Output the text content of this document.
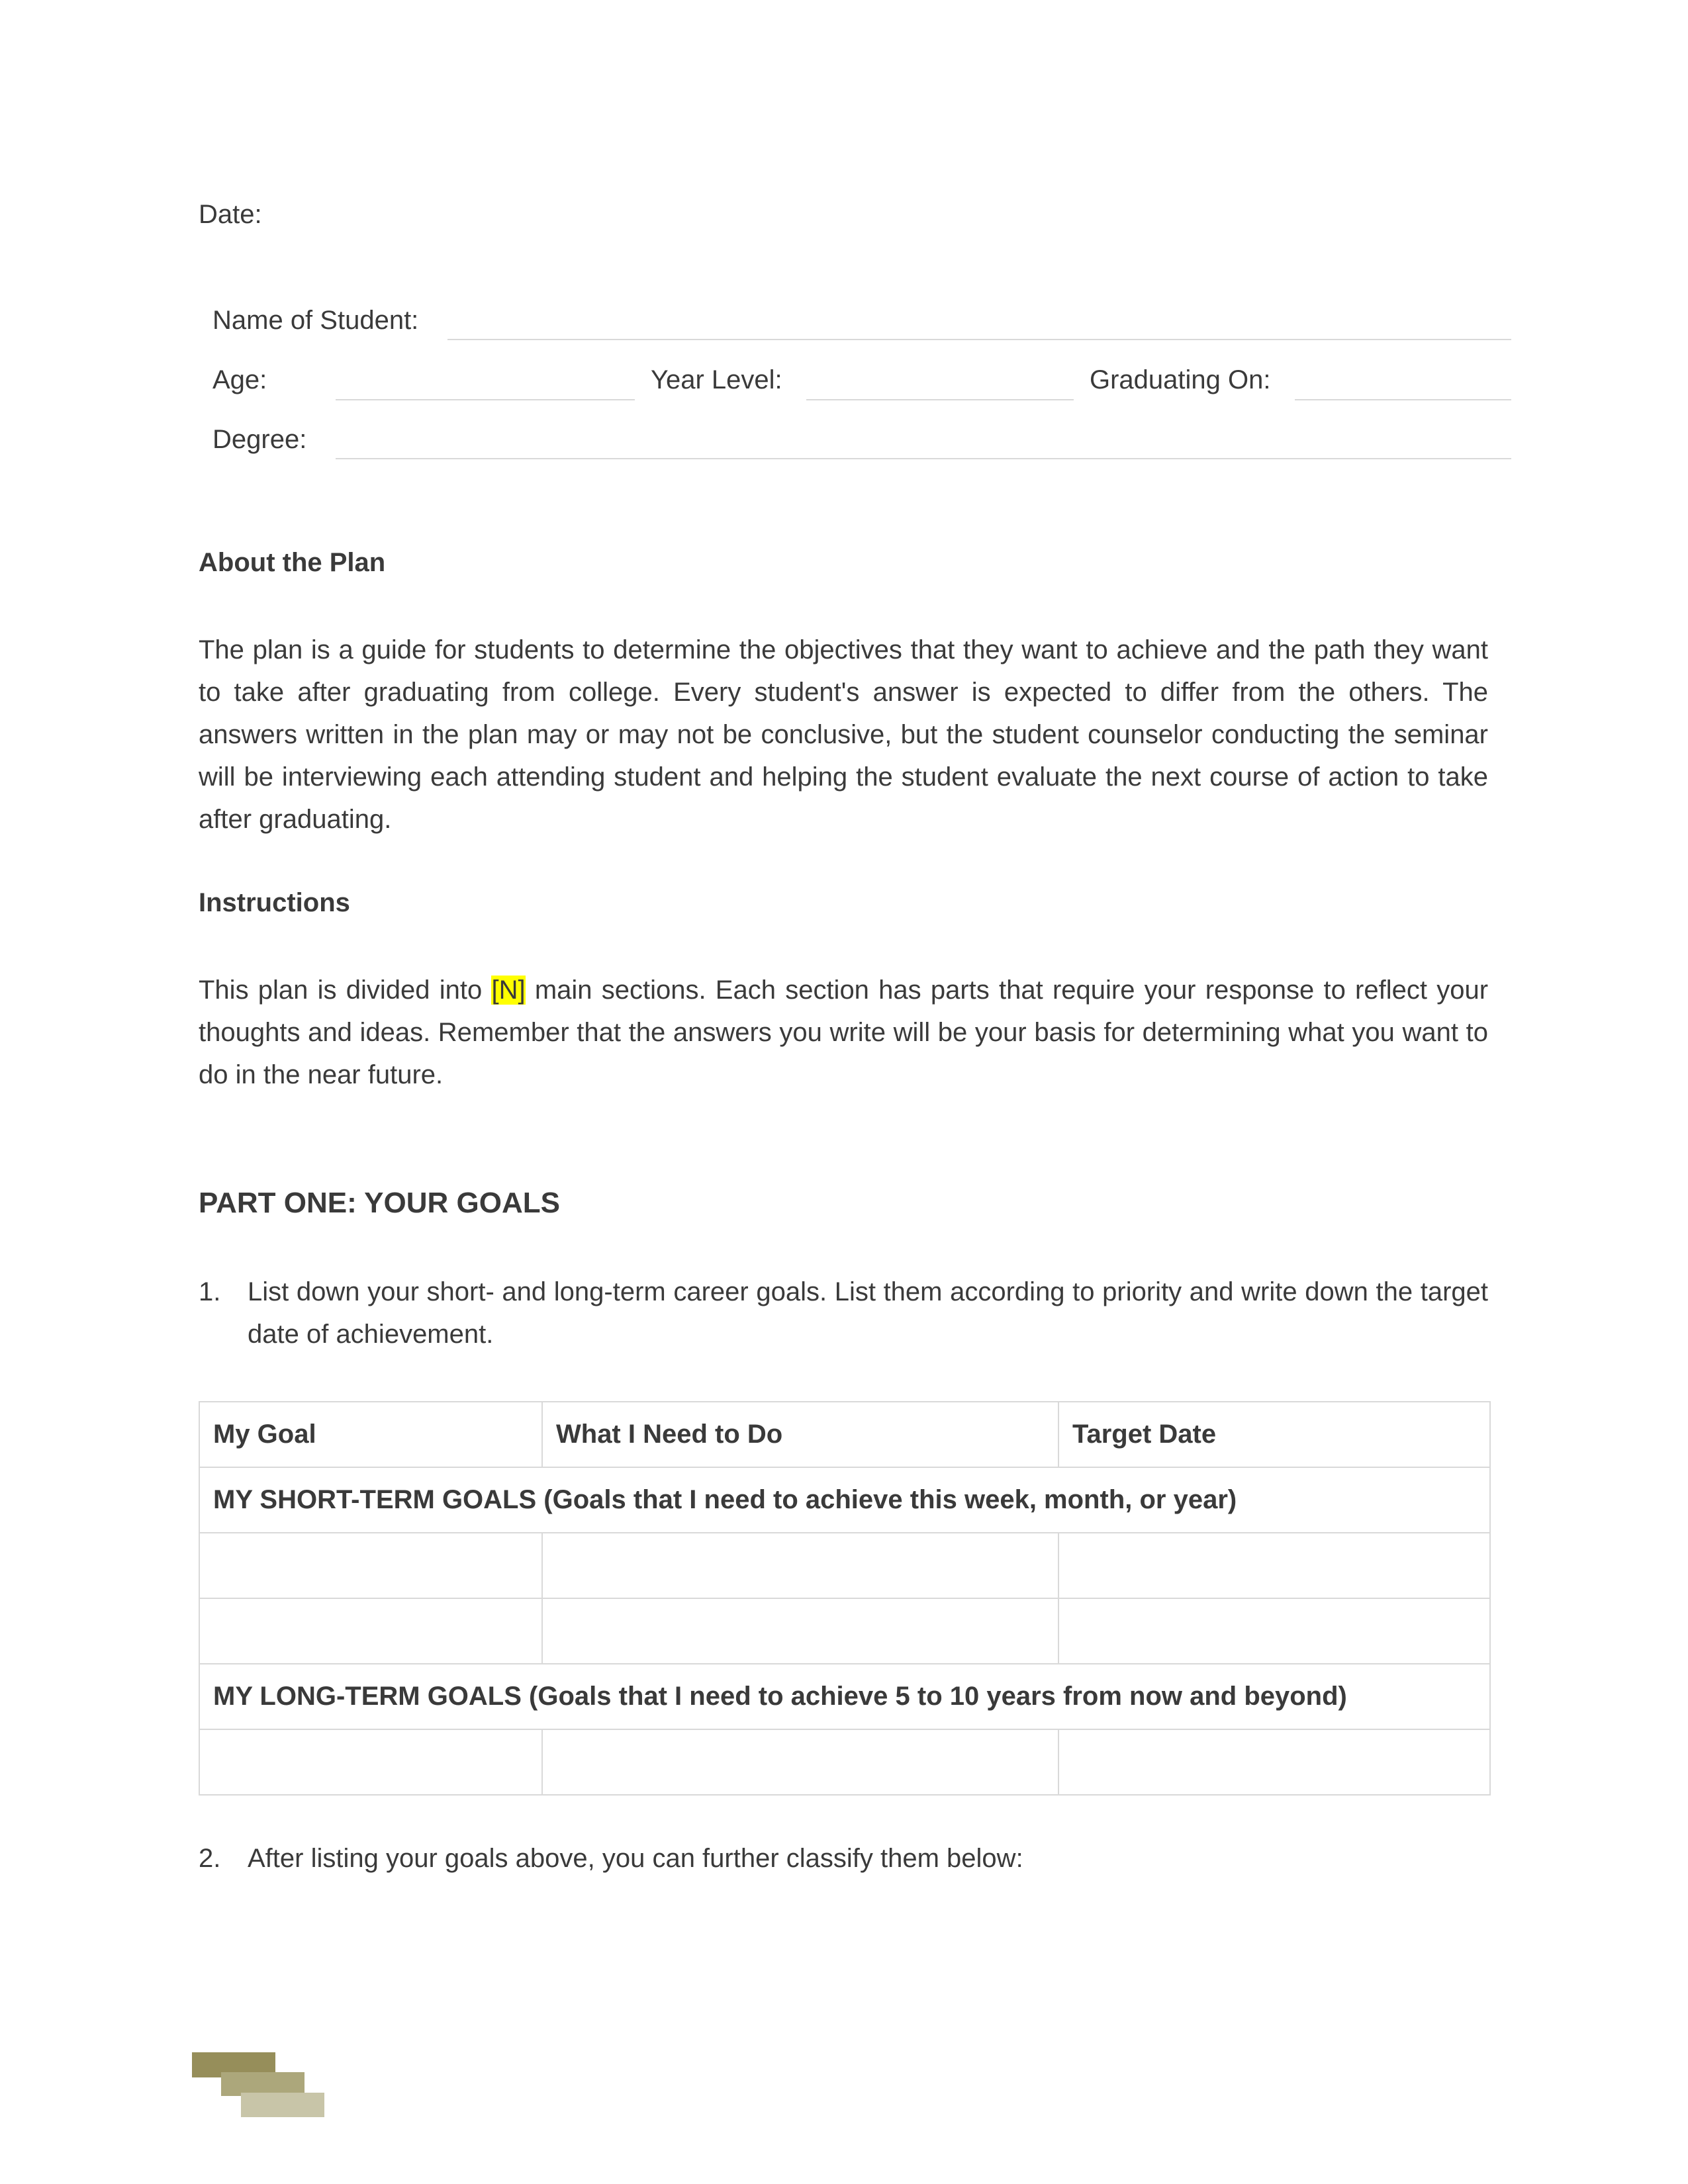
Date:
Name of Student:
Age:	Year Level:	Graduating On:
Degree:
About the Plan
The plan is a guide for students to determine the objectives that they want to achieve and the path they want to take after graduating from college. Every student's answer is expected to differ from the others. The answers written in the plan may or may not be conclusive, but the student counselor conducting the seminar will be interviewing each attending student and helping the student evaluate the next course of action to take after graduating.
Instructions
This plan is divided into [N] main sections. Each section has parts that require your response to reflect your thoughts and ideas. Remember that the answers you write will be your basis for determining what you want to do in the near future.
PART ONE: YOUR GOALS
1. List down your short- and long-term career goals. List them according to priority and write down the target date of achievement.
My Goal	What I Need to Do	Target Date
MY SHORT-TERM GOALS (Goals that I need to achieve this week, month, or year)		

MY LONG-TERM GOALS (Goals that I need to achieve 5 to 10 years from now and beyond)		

2. After listing your goals above, you can further classify them below:
